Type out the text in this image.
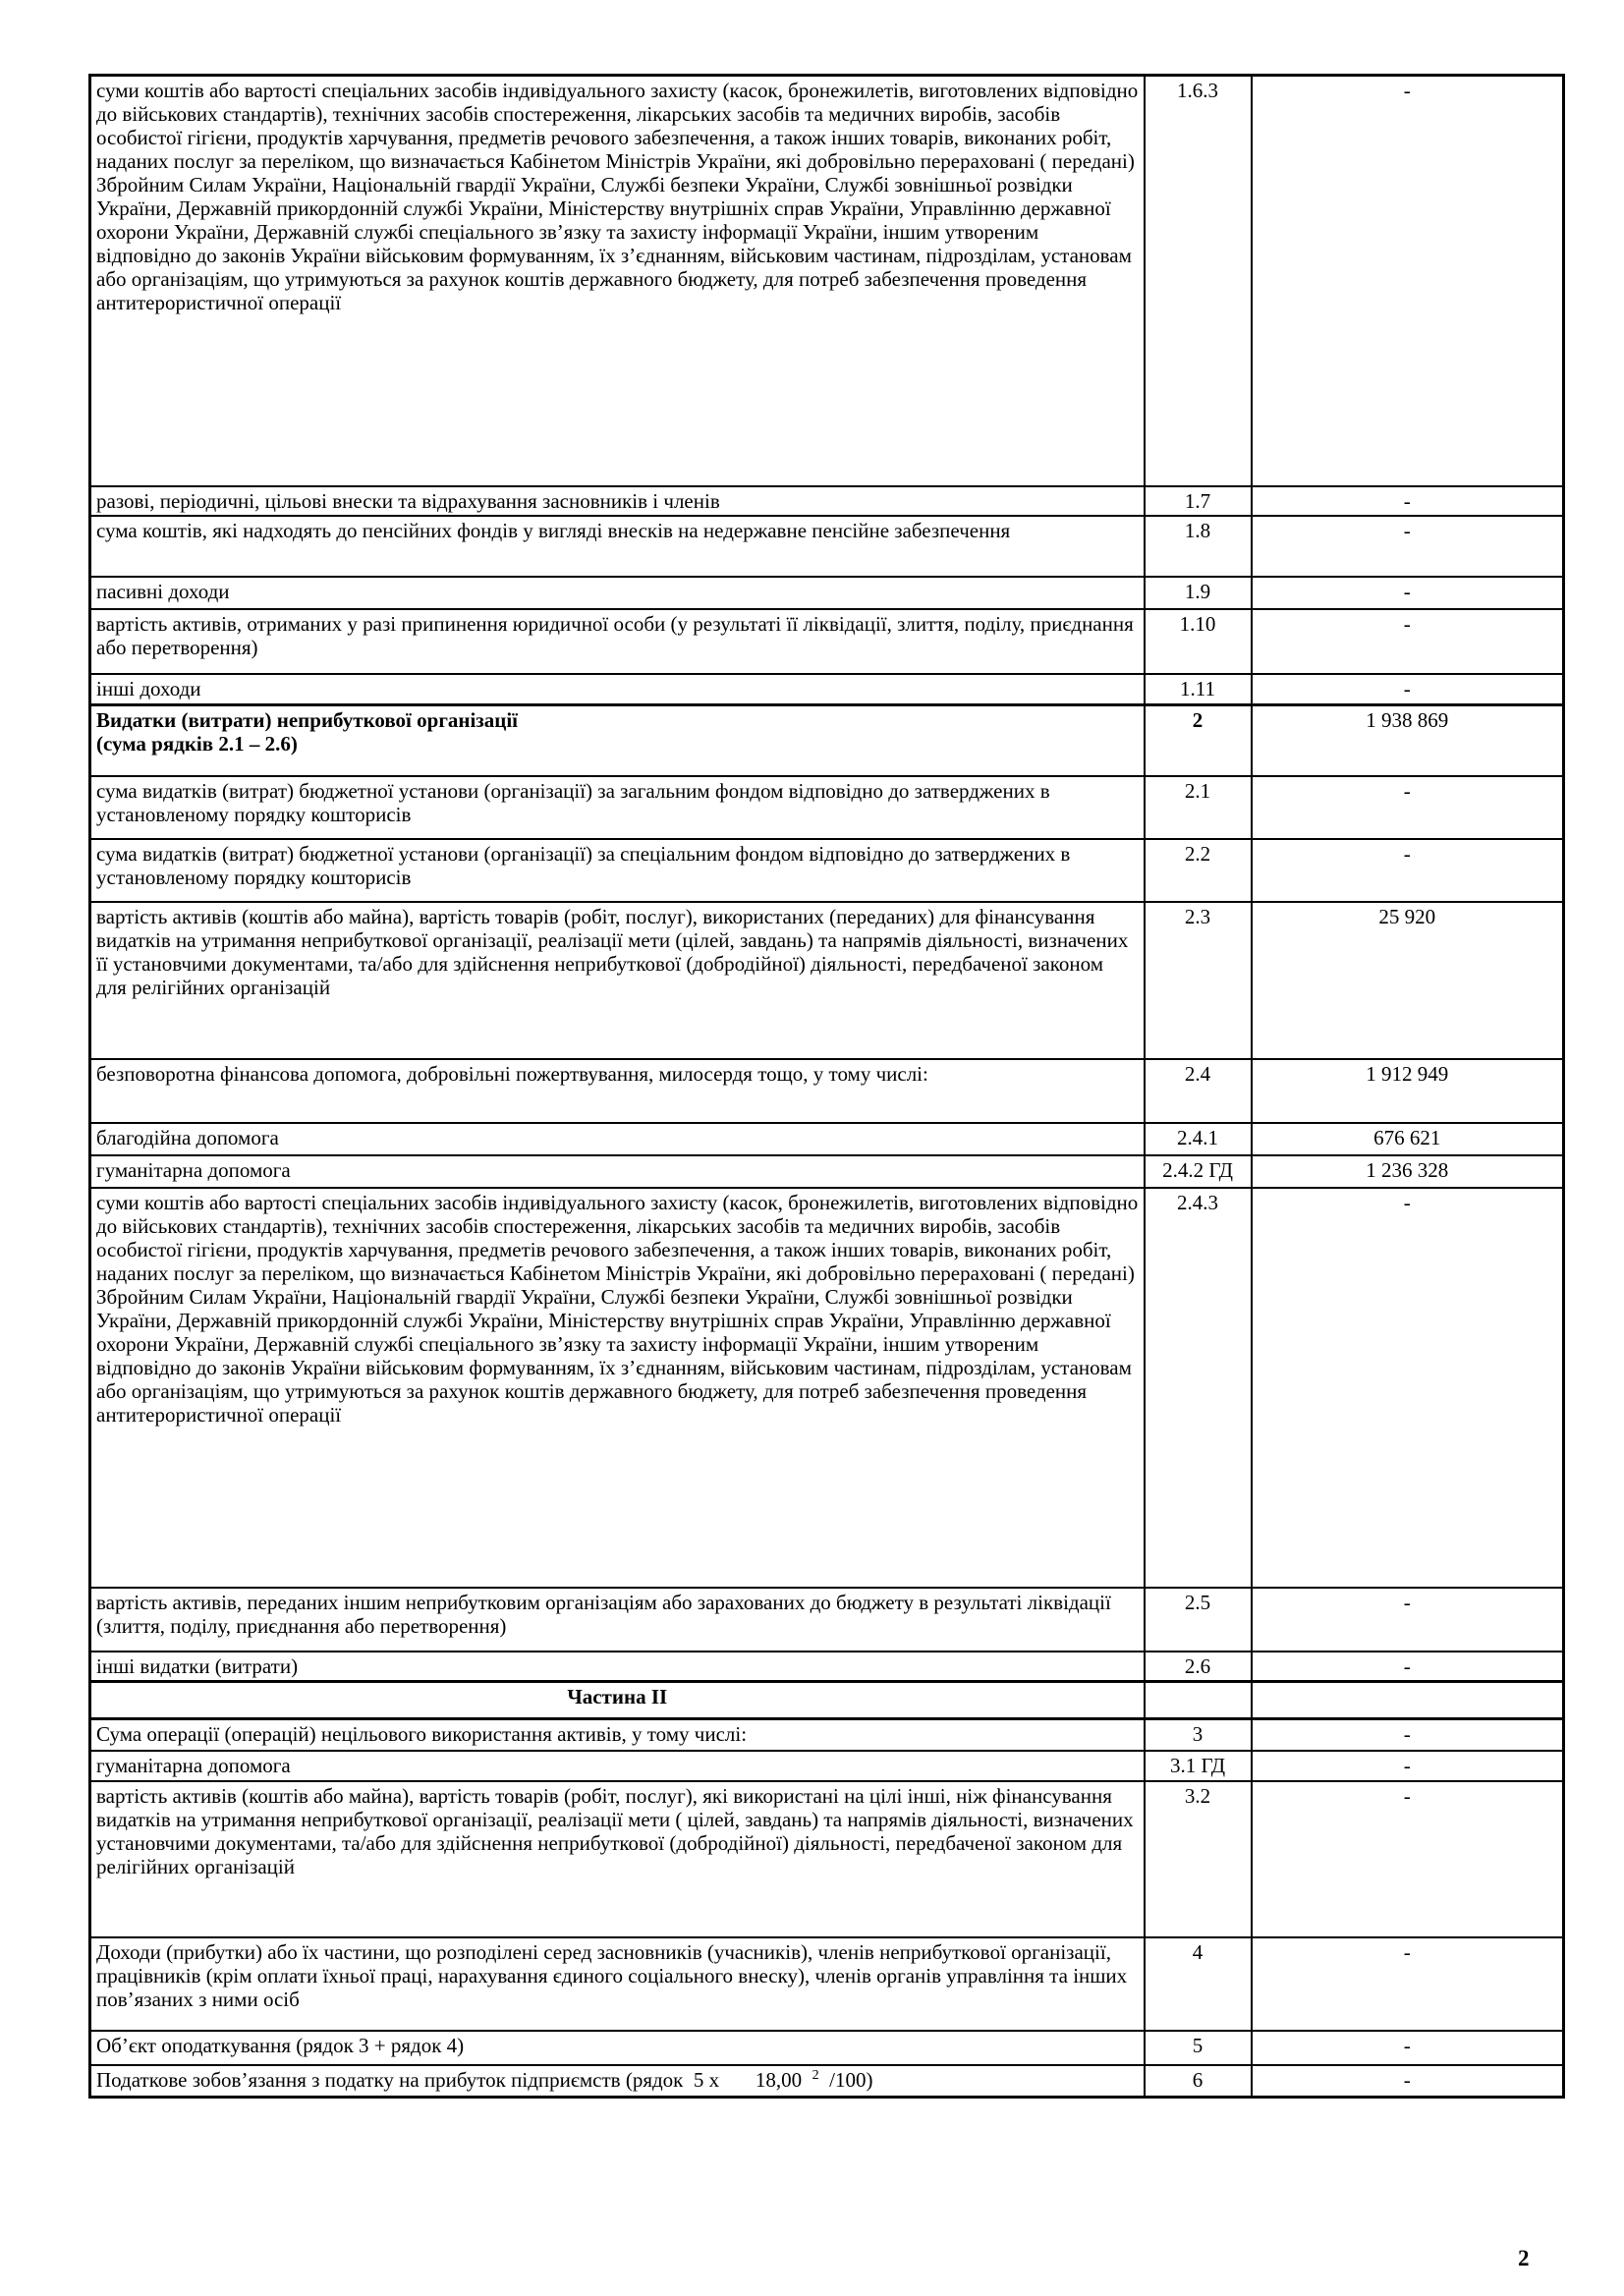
суми коштів або вартості спеціальних засобів індивідуального захисту (касок, бронежилетів, виготовлених відповідно до військових стандартів), технічних засобів спостереження, лікарських засобів та медичних виробів, засобів особистої гігієни, продуктів харчування, предметів речового забезпечення, а також інших товарів, виконаних робіт, наданих послуг за переліком, що визначається Кабінетом Міністрів України, які добровільно перераховані ( передані) Збройним Силам України, Національній гвардії України, Службі безпеки України, Службі зовнішньої розвідки України, Державній прикордонній службі України, Міністерству внутрішніх справ України, Управлінню державної охорони України, Державній службі спеціального зв’язку та захисту інформації України, іншим утвореним відповідно до законів України військовим формуванням, їх з’єднанням, військовим частинам, підрозділам, установам або організаціям, що утримуються за рахунок коштів державного бюджету, для потреб забезпечення проведення антитерористичної операції	1.6.3	-
разові, періодичні, цільові внески та відрахування засновників і членів	1.7	-
сума коштів, які надходять до пенсійних фондів у вигляді внесків на недержавне пенсійне забезпечення	1.8	-
пасивні доходи	1.9	-
вартість активів, отриманих у разі припинення юридичної особи (у результаті її ліквідації, злиття, поділу, приєднання або перетворення)	1.10	-
інші доходи	1.11	-

Видатки (витрати) неприбуткової організації
(сума рядків 2.1 – 2.6)	2	1 938 869
сума видатків (витрат) бюджетної установи (організації) за загальним фондом відповідно до затверджених в установленому порядку кошторисів	2.1	-
сума видатків (витрат) бюджетної установи (організації) за спеціальним фондом відповідно до затверджених в установленому порядку кошторисів	2.2	-
вартість активів (коштів або майна), вартість товарів (робіт, послуг), використаних (переданих) для фінансування видатків на утримання неприбуткової організації, реалізації мети (цілей, завдань) та напрямів діяльності, визначених її установчими документами, та/або для здійснення неприбуткової (добродійної) діяльності, передбаченої законом для релігійних організацій	2.3	25 920
безповоротна фінансова допомога, добровільні пожертвування, милосердя тощо, у тому числі:	2.4	1 912 949
благодійна допомога	2.4.1	676 621
гуманітарна допомога	2.4.2 ГД	1 236 328
суми коштів або вартості спеціальних засобів індивідуального захисту (касок, бронежилетів, виготовлених відповідно до військових стандартів), технічних засобів спостереження, лікарських засобів та медичних виробів, засобів особистої гігієни, продуктів харчування, предметів речового забезпечення, а також інших товарів, виконаних робіт, наданих послуг за переліком, що визначається Кабінетом Міністрів України, які добровільно перераховані ( передані) Збройним Силам України, Національній гвардії України, Службі безпеки України, Службі зовнішньої розвідки України, Державній прикордонній службі України, Міністерству внутрішніх справ України, Управлінню державної охорони України, Державній службі спеціального зв’язку та захисту інформації України, іншим утвореним відповідно до законів України військовим формуванням, їх з’єднанням, військовим частинам, підрозділам, установам або організаціям, що утримуються за рахунок коштів державного бюджету, для потреб забезпечення проведення антитерористичної операції	2.4.3	-
вартість активів, переданих іншим неприбутковим організаціям або зарахованих до бюджету в результаті ліквідації (злиття, поділу, приєднання або перетворення)	2.5	-
інші видатки (витрати)	2.6	-
Частина II		
Сума операції (операцій) нецільового використання активів, у тому числі:	3	-
гуманітарна допомога	3.1 ГД	-
вартість активів (коштів або майна), вартість товарів (робіт, послуг), які використані на цілі інші, ніж фінансування видатків на утримання неприбуткової організації, реалізації мети ( цілей, завдань) та напрямів діяльності, визначених установчими документами, та/або для здійснення неприбуткової (добродійної) діяльності, передбаченої законом для релігійних організацій	3.2	-
Доходи (прибутки) або їх частини, що розподілені серед засновників (учасників), членів неприбуткової організації, працівників (крім оплати їхньої праці, нарахування єдиного соціального внеску), членів органів управління та інших пов’язаних з ними осіб	4	-
Об’єкт оподаткування (рядок 3 + рядок 4)	5	-
Податкове зобов’язання з податку на прибуток підприємств (рядок  5 х       18,00  $^2$  /100)	6	-
2
